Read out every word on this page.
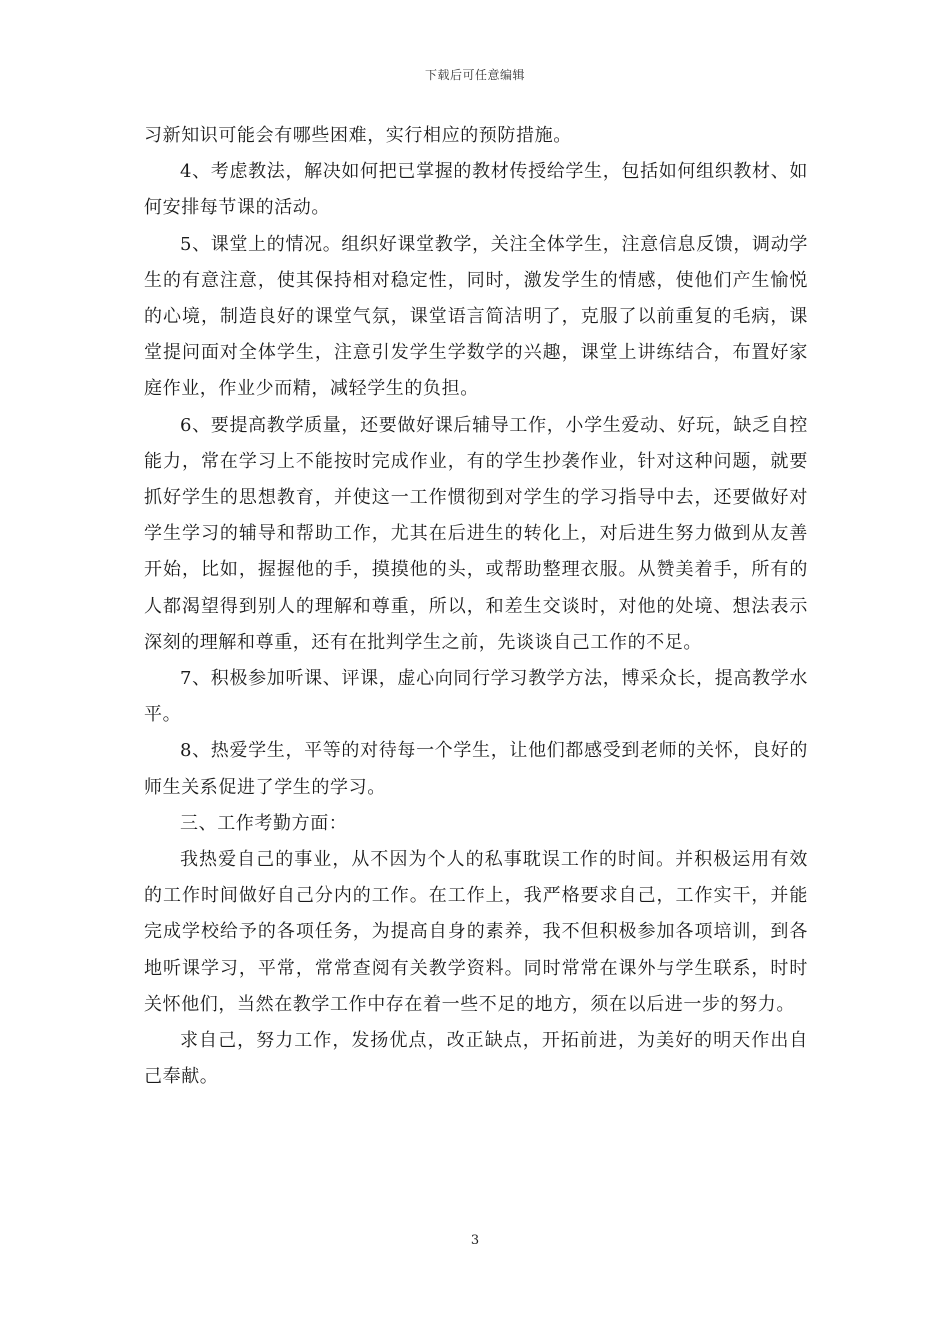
下载后可任意编辑

习新知识可能会有哪些困难，实行相应的预防措施。

4、考虑教法，解决如何把已掌握的教材传授给学生，包括如何组织教材、如何安排每节课的活动。

5、课堂上的情况。组织好课堂教学，关注全体学生，注意信息反馈，调动学生的有意注意，使其保持相对稳定性，同时，激发学生的情感，使他们产生愉悦的心境，制造良好的课堂气氛，课堂语言简洁明了，克服了以前重复的毛病，课堂提问面对全体学生，注意引发学生学数学的兴趣，课堂上讲练结合，布置好家庭作业，作业少而精，减轻学生的负担。

6、要提高教学质量，还要做好课后辅导工作，小学生爱动、好玩，缺乏自控能力，常在学习上不能按时完成作业，有的学生抄袭作业，针对这种问题，就要抓好学生的思想教育，并使这一工作惯彻到对学生的学习指导中去，还要做好对学生学习的辅导和帮助工作，尤其在后进生的转化上，对后进生努力做到从友善开始，比如，握握他的手，摸摸他的头，或帮助整理衣服。从赞美着手，所有的人都渴望得到别人的理解和尊重，所以，和差生交谈时，对他的处境、想法表示深刻的理解和尊重，还有在批判学生之前，先谈谈自己工作的不足。

7、积极参加听课、评课，虚心向同行学习教学方法，博采众长，提高教学水平。

8、热爱学生，平等的对待每一个学生，让他们都感受到老师的关怀，良好的师生关系促进了学生的学习。

三、工作考勤方面：

我热爱自己的事业，从不因为个人的私事耽误工作的时间。并积极运用有效的工作时间做好自己分内的工作。在工作上，我严格要求自己，工作实干，并能完成学校给予的各项任务，为提高自身的素养，我不但积极参加各项培训，到各地听课学习，平常，常常查阅有关教学资料。同时常常在课外与学生联系，时时关怀他们，当然在教学工作中存在着一些不足的地方，须在以后进一步的努力。

求自己，努力工作，发扬优点，改正缺点，开拓前进，为美好的明天作出自己奉献。

3
